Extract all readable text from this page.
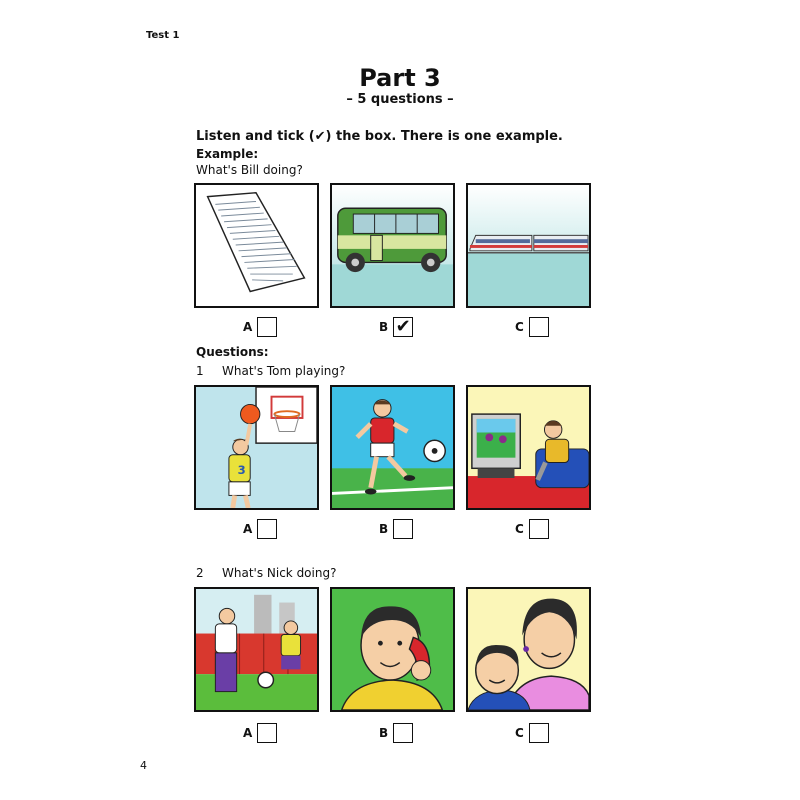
Test 1
Part 3
– 5 questions –
Listen and tick (✔) the box. There is one example.
Example:
What's Bill doing?
A	B ✔	C
Questions:
1 What's Tom playing?
3
A	B	C
2 What's Nick doing?
A	B	C
4
